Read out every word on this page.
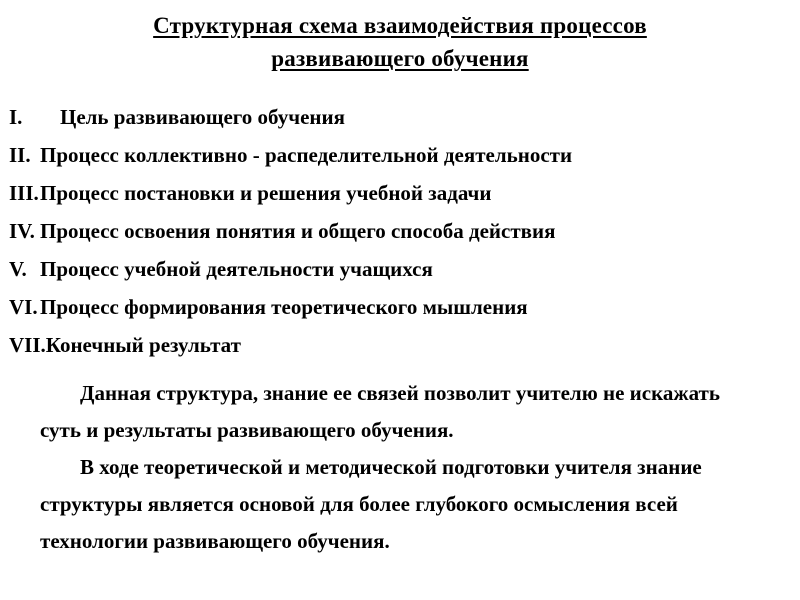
Структурная схема взаимодействия процессов
развивающего обучения
I.	Цель развивающего обучения
II. Процесс коллективно - распеделительной деятельности
III. Процесс постановки и решения учебной задачи
IV. Процесс освоения понятия и общего способа действия
V. Процесс учебной деятельности учащихся
VI. Процесс формирования теоретического мышления
VII. Конечный результат

Данная структура, знание ее связей позволит учителю не искажать суть и результаты развивающего обучения.

В ходе теоретической и методической подготовки учителя знание структуры является основой для более глубокого осмысления всей технологии развивающего обучения.
